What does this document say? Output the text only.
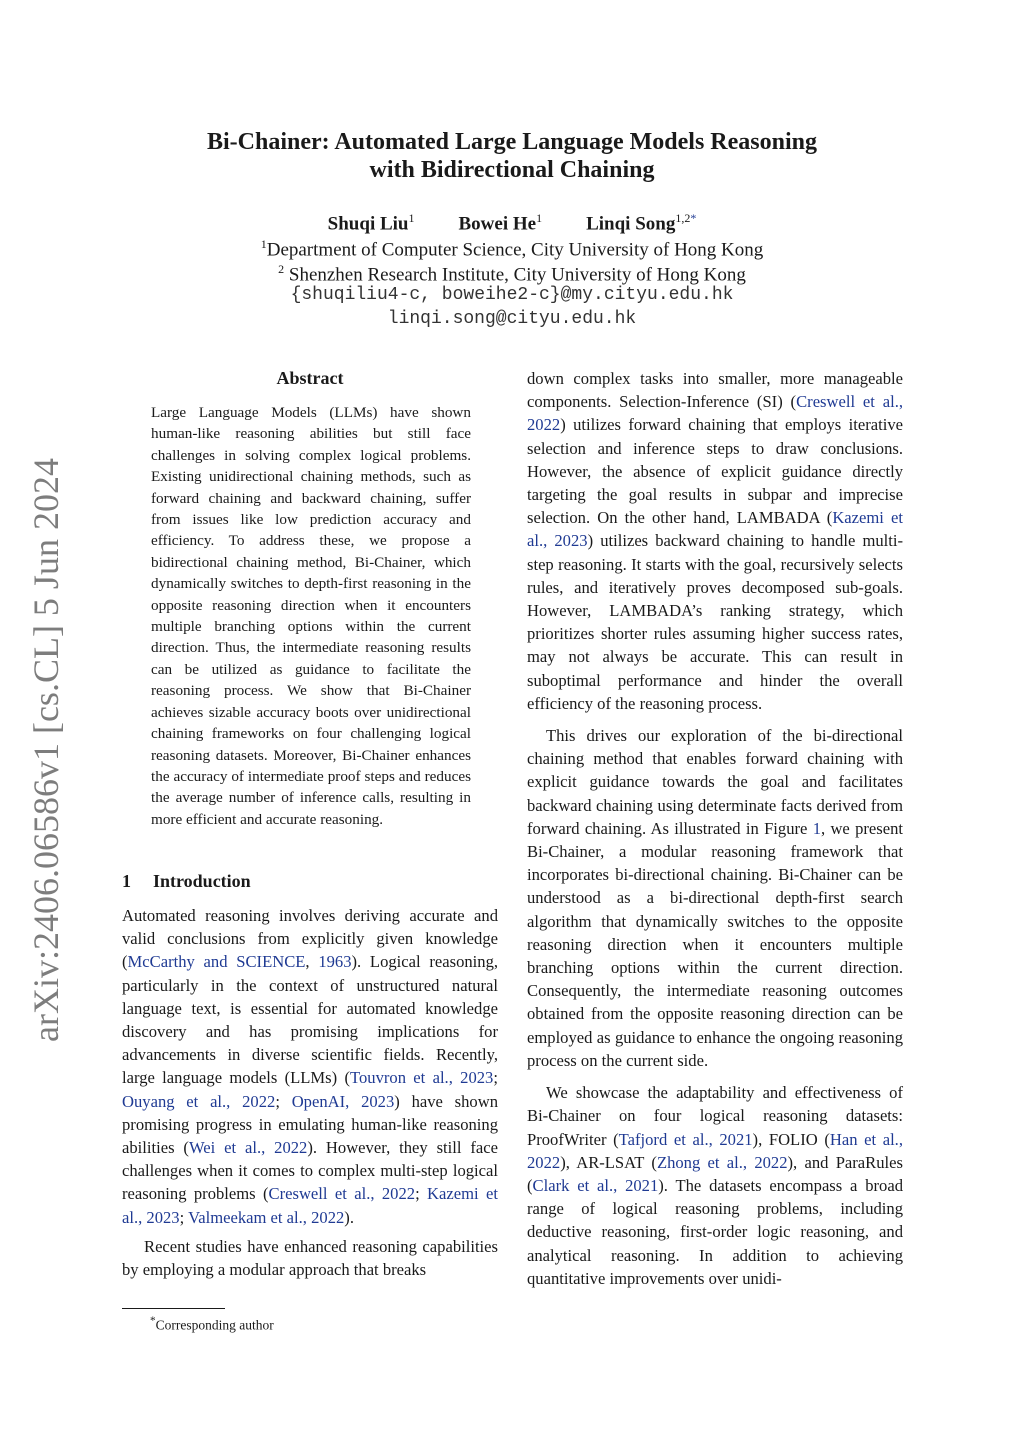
arXiv:2406.06586v1 [cs.CL] 5 Jun 2024
Bi-Chainer: Automated Large Language Models Reasoning
with Bidirectional Chaining
Shuqi Liu$^1$ Bowei He$^1$ Linqi Song$^{1,2*}$
$^1$Department of Computer Science, City University of Hong Kong
$^2$ Shenzhen Research Institute, City University of Hong Kong
{shuqiliu4-c, boweihe2-c}@my.cityu.edu.hk
linqi.song@cityu.edu.hk
Abstract
Large Language Models (LLMs) have shown human-like reasoning abilities but still face challenges in solving complex logical problems. Existing unidirectional chaining methods, such as forward chaining and backward chaining, suffer from issues like low prediction accuracy and efficiency. To address these, we propose a bidirectional chaining method, Bi-Chainer, which dynamically switches to depth-first reasoning in the opposite reasoning direction when it encounters multiple branching options within the current direction. Thus, the intermediate reasoning results can be utilized as guidance to facilitate the reasoning process. We show that Bi-Chainer achieves sizable accuracy boots over unidirectional chaining frameworks on four challenging logical reasoning datasets. Moreover, Bi-Chainer enhances the accuracy of intermediate proof steps and reduces the average number of inference calls, resulting in more efficient and accurate reasoning.
1 Introduction

Automated reasoning involves deriving accurate and valid conclusions from explicitly given knowledge (McCarthy and SCIENCE, 1963). Logical reasoning, particularly in the context of unstructured natural language text, is essential for automated knowledge discovery and has promising implications for advancements in diverse scientific fields. Recently, large language models (LLMs) (Touvron et al., 2023; Ouyang et al., 2022; OpenAI, 2023) have shown promising progress in emulating human-like reasoning abilities (Wei et al., 2022). However, they still face challenges when it comes to complex multi-step logical reasoning problems (Creswell et al., 2022; Kazemi et al., 2023; Valmeekam et al., 2022).

Recent studies have enhanced reasoning capabilities by employing a modular approach that breaks

*Corresponding author

down complex tasks into smaller, more manageable components. Selection-Inference (SI) (Creswell et al., 2022) utilizes forward chaining that employs iterative selection and inference steps to draw conclusions. However, the absence of explicit guidance directly targeting the goal results in subpar and imprecise selection. On the other hand, LAMBADA (Kazemi et al., 2023) utilizes backward chaining to handle multi-step reasoning. It starts with the goal, recursively selects rules, and iteratively proves decomposed sub-goals. However, LAMBADA’s ranking strategy, which prioritizes shorter rules assuming higher success rates, may not always be accurate. This can result in suboptimal performance and hinder the overall efficiency of the reasoning process.

This drives our exploration of the bi-directional chaining method that enables forward chaining with explicit guidance towards the goal and facilitates backward chaining using determinate facts derived from forward chaining. As illustrated in Figure 1, we present Bi-Chainer, a modular reasoning framework that incorporates bi-directional chaining. Bi-Chainer can be understood as a bi-directional depth-first search algorithm that dynamically switches to the opposite reasoning direction when it encounters multiple branching options within the current direction. Consequently, the intermediate reasoning outcomes obtained from the opposite reasoning direction can be employed as guidance to enhance the ongoing reasoning process on the current side.

We showcase the adaptability and effectiveness of Bi-Chainer on four logical reasoning datasets: ProofWriter (Tafjord et al., 2021), FOLIO (Han et al., 2022), AR-LSAT (Zhong et al., 2022), and ParaRules (Clark et al., 2021). The datasets encompass a broad range of logical reasoning problems, including deductive reasoning, first-order logic reasoning, and analytical reasoning. In addition to achieving quantitative improvements over unidi-
